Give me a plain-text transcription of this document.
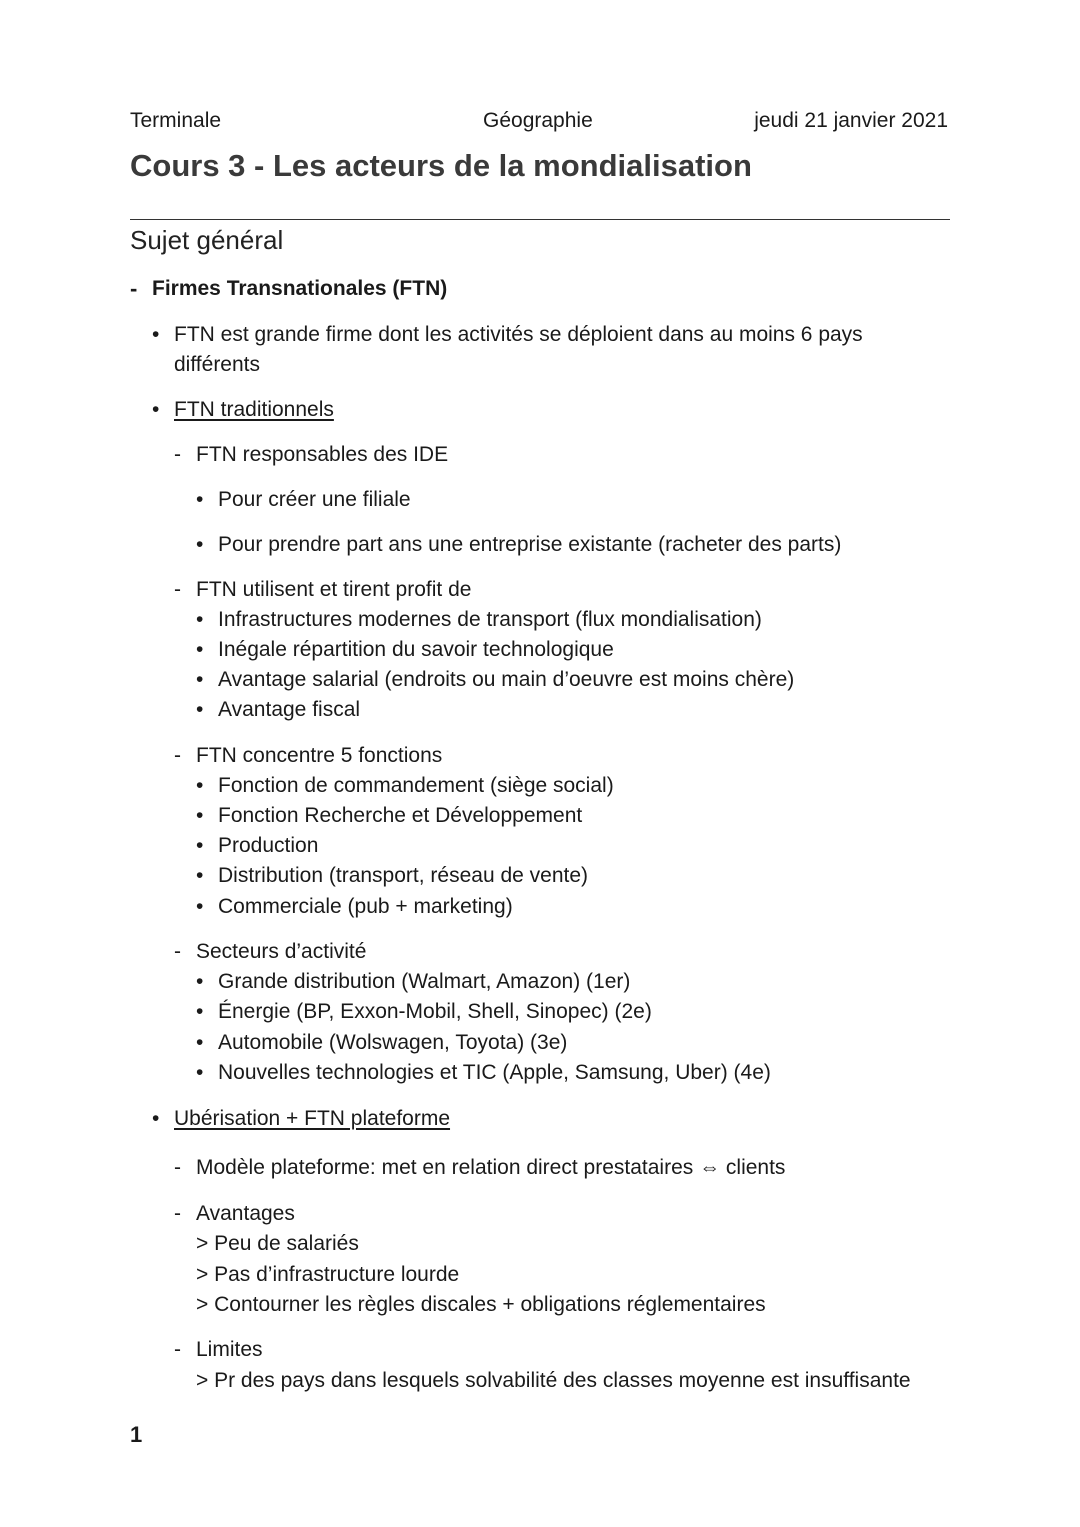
Terminale	Géographie	jeudi 21 janvier 2021
Cours 3 - Les acteurs de la mondialisation
Sujet général
- Firmes Transnationales (FTN)
• FTN est grande firme dont les activités se déploient dans au moins 6 pays
différents
• FTN traditionnels
- FTN responsables des IDE
• Pour créer une filiale
• Pour prendre part ans une entreprise existante (racheter des parts)
- FTN utilisent et tirent profit de
• Infrastructures modernes de transport (flux mondialisation)
• Inégale répartition du savoir technologique
• Avantage salarial (endroits ou main d’oeuvre est moins chère)
• Avantage fiscal
- FTN concentre 5 fonctions
• Fonction de commandement (siège social)
• Fonction Recherche et Développement
• Production
• Distribution (transport, réseau de vente)
• Commerciale (pub + marketing)
- Secteurs d’activité
• Grande distribution (Walmart, Amazon) (1er)
• Énergie (BP, Exxon-Mobil, Shell, Sinopec) (2e)
• Automobile (Wolswagen, Toyota) (3e)
• Nouvelles technologies et TIC (Apple, Samsung, Uber) (4e)
• Ubérisation + FTN plateforme
- Modèle plateforme: met en relation direct prestataires ⇔ clients
- Avantages
> Peu de salariés
> Pas d’infrastructure lourde
> Contourner les règles discales + obligations réglementaires
- Limites
> Pr des pays dans lesquels solvabilité des classes moyenne est insuffisante
1
